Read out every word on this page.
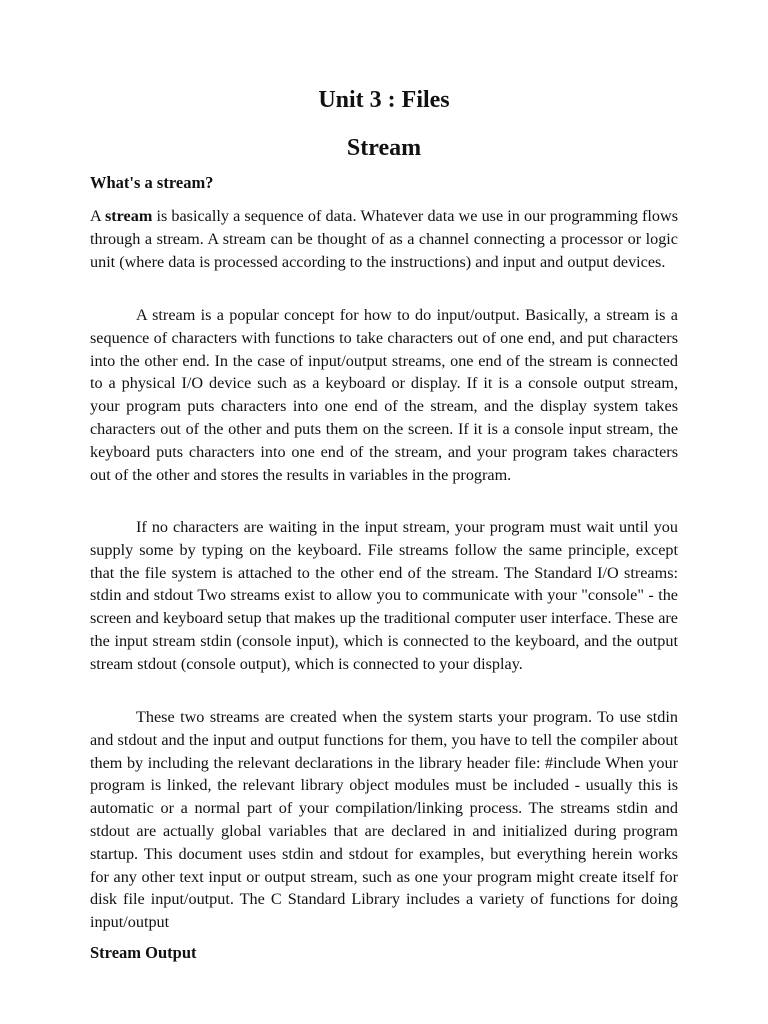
Unit 3 : Files
Stream
What's a stream?

A stream is basically a sequence of data. Whatever data we use in our programming flows through a stream. A stream can be thought of as a channel connecting a processor or logic unit (where data is processed according to the instructions) and input and output devices.

A stream is a popular concept for how to do input/output. Basically, a stream is a sequence of characters with functions to take characters out of one end, and put characters into the other end. In the case of input/output streams, one end of the stream is connected to a physical I/O device such as a keyboard or display. If it is a console output stream, your program puts characters into one end of the stream, and the display system takes characters out of the other and puts them on the screen. If it is a console input stream, the keyboard puts characters into one end of the stream, and your program takes characters out of the other and stores the results in variables in the program.

If no characters are waiting in the input stream, your program must wait until you supply some by typing on the keyboard. File streams follow the same principle, except that the file system is attached to the other end of the stream. The Standard I/O streams: stdin and stdout Two streams exist to allow you to communicate with your "console" - the screen and keyboard setup that makes up the traditional computer user interface. These are the input stream stdin (console input), which is connected to the keyboard, and the output stream stdout (console output), which is connected to your display.

These two streams are created when the system starts your program. To use stdin and stdout and the input and output functions for them, you have to tell the compiler about them by including the relevant declarations in the library header file: #include When your program is linked, the relevant library object modules must be included - usually this is automatic or a normal part of your compilation/linking process. The streams stdin and stdout are actually global variables that are declared in and initialized during program startup. This document uses stdin and stdout for examples, but everything herein works for any other text input or output stream, such as one your program might create itself for disk file input/output. The C Standard Library includes a variety of functions for doing input/output

Stream Output
